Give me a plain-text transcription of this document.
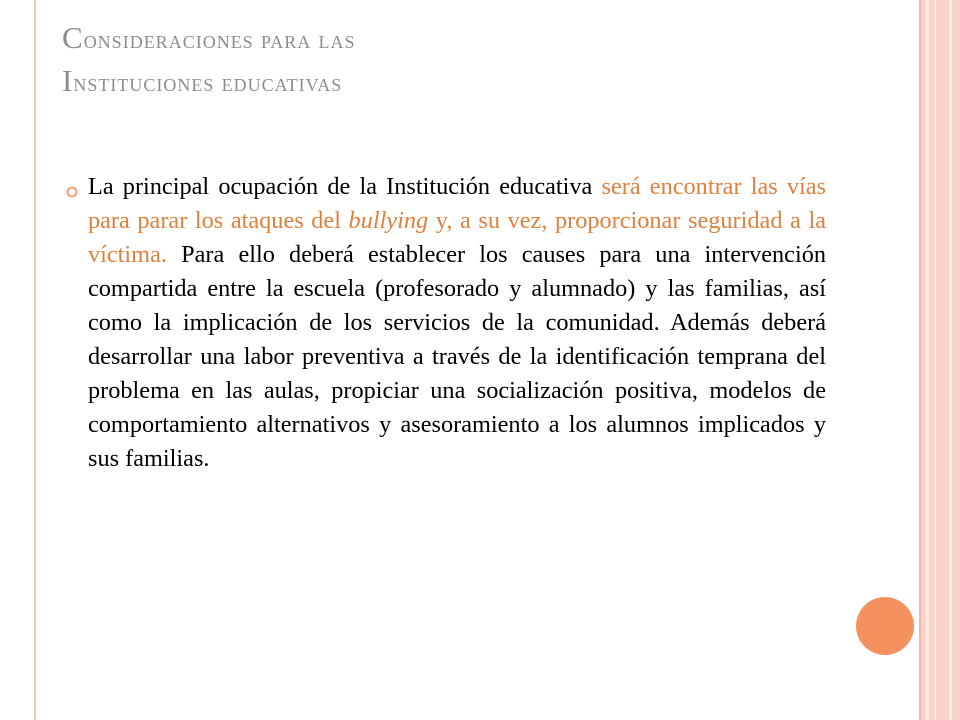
Consideraciones para las
Instituciones educativas
La principal ocupación de la Institución educativa será encontrar las vías para parar los ataques del bullying y, a su vez, proporcionar seguridad a la víctima. Para ello deberá establecer los causes para una intervención compartida entre la escuela (profesorado y alumnado) y las familias, así como la implicación de los servicios de la comunidad. Además deberá desarrollar una labor preventiva a través de la identificación temprana del problema en las aulas, propiciar una socialización positiva, modelos de comportamiento alternativos y asesoramiento a los alumnos implicados y sus familias.
